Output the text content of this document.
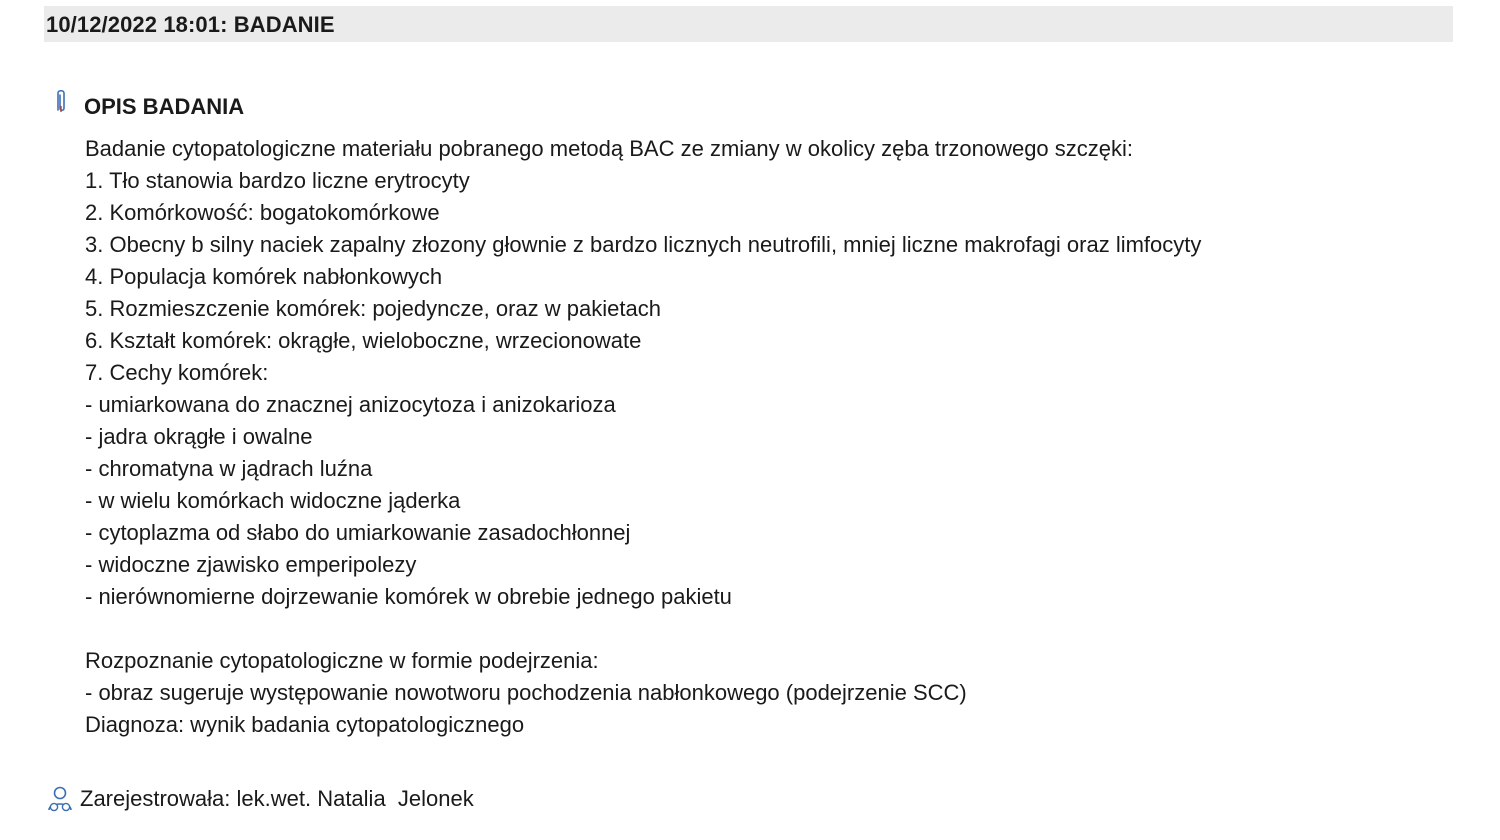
10/12/2022 18:01: BADANIE
OPIS BADANIA
Badanie cytopatologiczne materiału pobranego metodą BAC ze zmiany w okolicy zęba trzonowego szczęki:
1. Tło stanowia bardzo liczne erytrocyty
2. Komórkowość: bogatokomórkowe
3. Obecny b silny naciek zapalny złozony głownie z bardzo licznych neutrofili, mniej liczne makrofagi oraz limfocyty
4. Populacja komórek nabłonkowych
5. Rozmieszczenie komórek: pojedyncze, oraz w pakietach
6. Kształt komórek: okrągłe, wieloboczne, wrzecionowate
7. Cechy komórek:
- umiarkowana do znacznej anizocytoza i anizokarioza
- jadra okrągłe i owalne
- chromatyna w jądrach luźna
- w wielu komórkach widoczne jąderka
- cytoplazma od słabo do umiarkowanie zasadochłonnej
- widoczne zjawisko emperipolezy
- nierównomierne dojrzewanie komórek w obrebie jednego pakietu
Rozpoznanie cytopatologiczne w formie podejrzenia:
- obraz sugeruje występowanie nowotworu pochodzenia nabłonkowego (podejrzenie SCC)
Diagnoza: wynik badania cytopatologicznego
Zarejestrowała: lek.wet. Natalia  Jelonek
